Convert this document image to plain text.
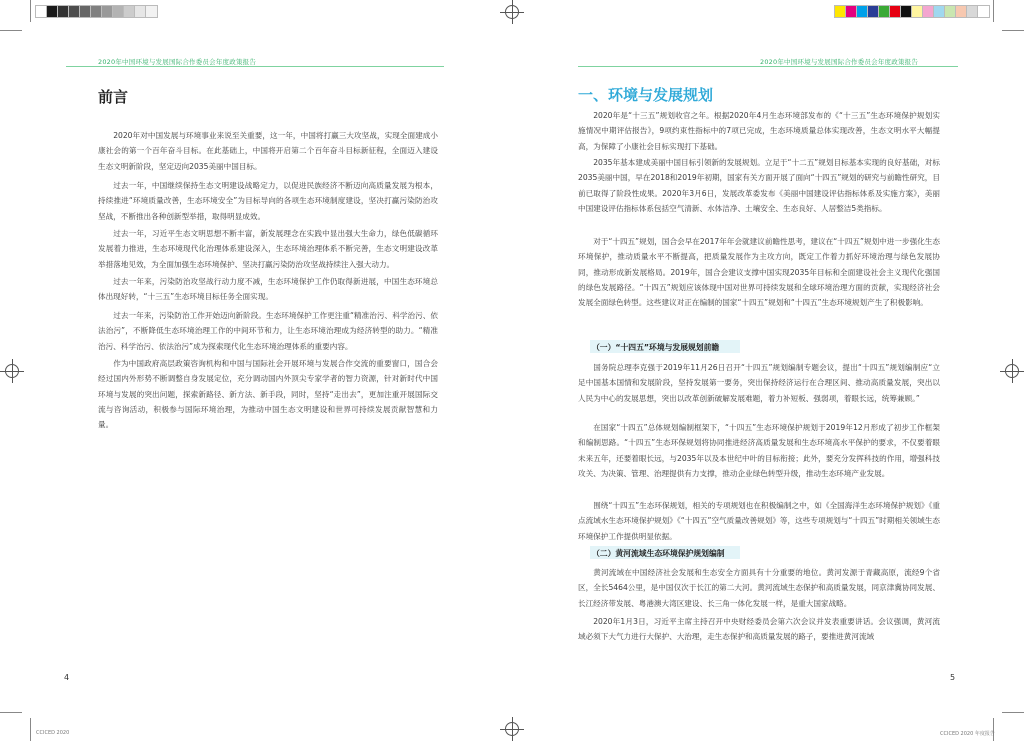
2020年中国环境与发展国际合作委员会年度政策报告
前言

2020年对中国发展与环境事业来说至关重要，这一年，中国将打赢三大攻坚战，实现全面建成小康社会的第一个百年奋斗目标。在此基础上，中国将开启第二个百年奋斗目标新征程，全面迈入建设生态文明新阶段，坚定迈向2035美丽中国目标。

过去一年，中国继续保持生态文明建设战略定力，以促进民族经济不断迈向高质量发展为根本，持续推进“环境质量改善，生态环境安全”为目标导向的各项生态环境制度建设，坚决打赢污染防治攻坚战，不断推出各种创新型举措，取得明显成效。

过去一年，习近平生态文明思想不断丰富，新发展理念在实践中显出强大生命力，绿色低碳循环发展着力推进，生态环境现代化治理体系建设深入，生态环境治理体系不断完善，生态文明建设改革举措落地见效，为全面加强生态环境保护、坚决打赢污染防治攻坚战持续注入强大动力。

过去一年来，污染防治攻坚战行动力度不减，生态环境保护工作仍取得新进展，中国生态环境总体出现好转，“十三五”生态环境目标任务全面实现。

过去一年来，污染防治工作开始迈向新阶段。生态环境保护工作更注重“精准治污、科学治污、依法治污”，不断降低生态环境治理工作的中间环节和力，让生态环境治理成为经济转型的助力。“精准治污、科学治污、依法治污”成为探索现代化生态环境治理体系的重要内容。

作为中国政府高层政策咨询机构和中国与国际社会开展环境与发展合作交流的重要窗口，国合会经过国内外形势不断调整自身发展定位，充分调动国内外顶尖专家学者的智力资源，针对新时代中国环境与发展的突出问题，探索新路径、新方法、新手段，同时，坚持“走出去”，更加注重开展国际交流与咨询活动，积极参与国际环境治理，为推动中国生态文明建设和世界可持续发展贡献智慧和力量。

4
CCICED 2020
2020年中国环境与发展国际合作委员会年度政策报告
一、环境与发展规划

2020年是“十三五”规划收官之年。根据2020年4月生态环境部发布的《“十三五”生态环境保护规划实施情况中期评估报告》，9项约束性指标中的7项已完成，生态环境质量总体实现改善，生态文明水平大幅提高，为保障了小康社会目标实现打下基础。

2035年基本建成美丽中国目标引领新的发展规划。立足于“十二五”规划目标基本实现的良好基础，对标2035美丽中国，早在2018和2019年初期，国家有关方面开展了面向“十四五”规划的研究与前瞻性研究，目前已取得了阶段性成果。2020年3月6日，发展改革委发布《美丽中国建设评估指标体系及实施方案》，美丽中国建设评估指标体系包括空气清新、水体洁净、土壤安全、生态良好、人居整洁5类指标。

对于“十四五”规划，国合会早在2017年年会就建议前瞻性思考，建议在“十四五”规划中进一步强化生态环境保护，推动质量水平不断提高，把质量发展作为主攻方向，既定工作着力抓好环境治理与绿色发展协同，推动形成新发展格局。2019年，国合会建议支撑中国实现2035年目标和全面建设社会主义现代化强国的绿色发展路径。“十四五”规划应该体现中国对世界可持续发展和全球环境治理方面的贡献，实现经济社会发展全面绿色转型。这些建议对正在编制的国家“十四五”规划和“十四五”生态环境规划产生了积极影响。

（一）“十四五”环境与发展规划前瞻

国务院总理李克强于2019年11月26日召开“十四五”规划编制专题会议，提出“十四五”规划编制应“立足中国基本国情和发展阶段，坚持发展第一要务，突出保持经济运行在合理区间、推动高质量发展，突出以人民为中心的发展思想，突出以改革创新破解发展难题，着力补短板、强弱项，着眼长远，统筹兼顾。”

在国家“十四五”总体规划编制框架下，“十四五”生态环境保护规划于2019年12月形成了初步工作框架和编制思路。“十四五”生态环保规划将协同推进经济高质量发展和生态环境高水平保护的要求，不仅要着眼未来五年，还要着眼长远，与2035年以及本世纪中叶的目标衔接；此外，要充分发挥科技的作用，增强科技攻关、为决策、管理、治理提供有力支撑，推动企业绿色转型升级，推动生态环境产业发展。

围绕“十四五”生态环保规划，相关的专项规划也在积极编制之中，如《全国海洋生态环境保护规划》《重点流域水生态环境保护规划》《“十四五”空气质量改善规划》等，这些专项规划与“十四五”时期相关领域生态环境保护工作提供明显依据。

（二）黄河流域生态环境保护规划编制

黄河流域在中国经济社会发展和生态安全方面具有十分重要的地位。黄河发源于青藏高原，流经9个省区，全长5464公里，是中国仅次于长江的第二大河。黄河流域生态保护和高质量发展，同京津冀协同发展、长江经济带发展、粤港澳大湾区建设、长三角一体化发展一样，是重大国家战略。

2020年1月3日，习近平主席主持召开中央财经委员会第六次会议并发表重要讲话。会议强调，黄河流域必须下大气力进行大保护、大治理，走生态保护和高质量发展的路子，要推进黄河流域

5
CCICED 2020 年度报告
